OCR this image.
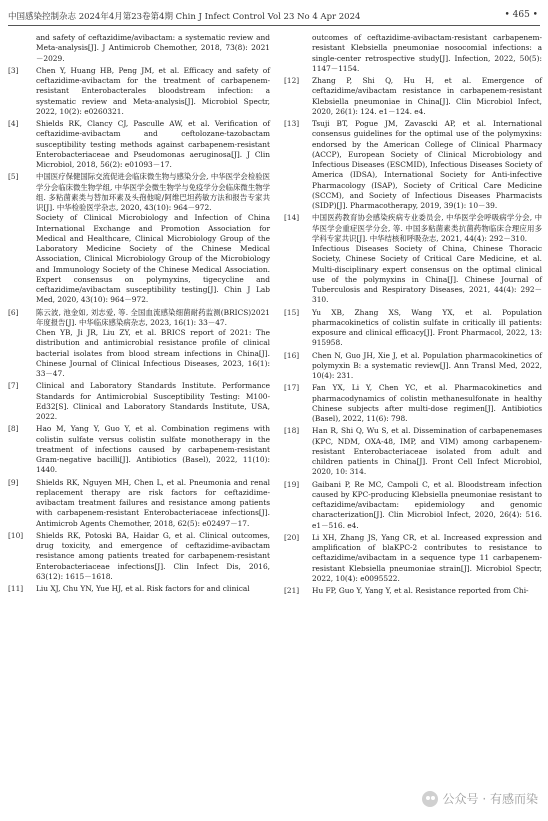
中国感染控制杂志 2024年4月第23卷第4期 Chin J Infect Control Vol 23 No 4 Apr 2024	• 465 •
and safety of ceftazidime/avibactam: a systematic review and Meta-analysis[J]. J Antimicrob Chemother, 2018, 73(8): 2021－2029.
[3]	Chen Y, Huang HB, Peng JM, et al. Efficacy and safety of ceftazidime-avibactam for the treatment of carbapenem-resistant Enterobacterales bloodstream infection: a systematic review and Meta-analysis[J]. Microbiol Spectr, 2022, 10(2): e0260321.
[4]	Shields RK, Clancy CJ, Pasculle AW, et al. Verification of ceftazidime-avibactam and ceftolozane-tazobactam susceptibility testing methods against carbapenem-resistant Enterobacteriaceae and Pseudomonas aeruginosa[J]. J Clin Microbiol, 2018, 56(2): e01093－17.
[5]	中国医疗保健国际交流促进会临床微生物与感染分会, 中华医学会检验医学分会临床微生物学组, 中华医学会微生物学与免疫学分会临床微生物学组. 多粘菌素类与替加环素及头孢他啶/阿维巴坦药敏方法和报告专家共识[J]. 中华检验医学杂志, 2020, 43(10): 964－972.
Society of Clinical Microbiology and Infection of China International Exchange and Promotion Association for Medical and Healthcare, Clinical Microbiology Group of the Laboratory Medicine Society of the Chinese Medical Association, Clinical Microbiology Group of the Microbiology and Immunology Society of the Chinese Medical Association. Expert consensus on polymyxins, tigecycline and ceftazidime/avibactam susceptibility testing[J]. Chin J Lab Med, 2020, 43(10): 964－972.
[6]	陈云波, 池金如, 刘志爱, 等. 全国血流感染细菌耐药监测(BRICS)2021年度报告[J]. 中华临床感染病杂志, 2023, 16(1): 33－47.
Chen YB, Ji JR, Liu ZY, et al. BRICS report of 2021: The distribution and antimicrobial resistance profile of clinical bacterial isolates from blood stream infections in China[J]. Chinese Journal of Clinical Infectious Diseases, 2023, 16(1): 33－47.
[7]	Clinical and Laboratory Standards Institute. Performance Standards for Antimicrobial Susceptibility Testing: M100-Ed32[S]. Clinical and Laboratory Standards Institute, USA, 2022.
[8]	Hao M, Yang Y, Guo Y, et al. Combination regimens with colistin sulfate versus colistin sulfate monotherapy in the treatment of infections caused by carbapenem-resistant Gram-negative bacilli[J]. Antibiotics (Basel), 2022, 11(10): 1440.
[9]	Shields RK, Nguyen MH, Chen L, et al. Pneumonia and renal replacement therapy are risk factors for ceftazidime-avibactam treatment failures and resistance among patients with carbapenem-resistant Enterobacteriaceae infections[J]. Antimicrob Agents Chemother, 2018, 62(5): e02497－17.
[10]	Shields RK, Potoski BA, Haidar G, et al. Clinical outcomes, drug toxicity, and emergence of ceftazidime-avibactam resistance among patients treated for carbapenem-resistant Enterobacteriaceae infections[J]. Clin Infect Dis, 2016, 63(12): 1615－1618.
[11]	Liu XJ, Chu YN, Yue HJ, et al. Risk factors for and clinical
outcomes of ceftazidime-avibactam-resistant carbapenem-resistant Klebsiella pneumoniae nosocomial infections: a single-center retrospective study[J]. Infection, 2022, 50(5): 1147－1154.
[12]	Zhang P, Shi Q, Hu H, et al. Emergence of ceftazidime/avibactam resistance in carbapenem-resistant Klebsiella pneumoniae in China[J]. Clin Microbiol Infect, 2020, 26(1): 124. e1－124. e4.
[13]	Tsuji BT, Pogue JM, Zavascki AP, et al. International consensus guidelines for the optimal use of the polymyxins: endorsed by the American College of Clinical Pharmacy (ACCP), European Society of Clinical Microbiology and Infectious Diseases (ESCMID), Infectious Diseases Society of America (IDSA), International Society for Anti-infective Pharmacology (ISAP), Society of Critical Care Medicine (SCCM), and Society of Infectious Diseases Pharmacists (SIDP)[J]. Pharmacotherapy, 2019, 39(1): 10－39.
[14]	中国医药教育协会感染疾病专业委员会, 中华医学会呼吸病学分会, 中华医学会重症医学分会, 等. 中国多粘菌素类抗菌药物临床合理应用多学科专家共识[J]. 中华结核和呼吸杂志, 2021, 44(4): 292－310.
Infectious Diseases Society of China, Chinese Thoracic Society, Chinese Society of Critical Care Medicine, et al. Multi-disciplinary expert consensus on the optimal clinical use of the polymyxins in China[J]. Chinese Journal of Tuberculosis and Respiratory Diseases, 2021, 44(4): 292－310.
[15]	Yu XB, Zhang XS, Wang YX, et al. Population pharmacokinetics of colistin sulfate in critically ill patients: exposure and clinical efficacy[J]. Front Pharmacol, 2022, 13: 915958.
[16]	Chen N, Guo JH, Xie J, et al. Population pharmacokinetics of polymyxin B: a systematic review[J]. Ann Transl Med, 2022, 10(4): 231.
[17]	Fan YX, Li Y, Chen YC, et al. Pharmacokinetics and pharmacodynamics of colistin methanesulfonate in healthy Chinese subjects after multi-dose regimen[J]. Antibiotics (Basel), 2022, 11(6): 798.
[18]	Han R, Shi Q, Wu S, et al. Dissemination of carbapenemases (KPC, NDM, OXA-48, IMP, and VIM) among carbapenem-resistant Enterobacteriaceae isolated from adult and children patients in China[J]. Front Cell Infect Microbiol, 2020, 10: 314.
[19]	Gaibani P, Re MC, Campoli C, et al. Bloodstream infection caused by KPC-producing Klebsiella pneumoniae resistant to ceftazidime/avibactam: epidemiology and genomic characterization[J]. Clin Microbiol Infect, 2020, 26(4): 516. e1－516. e4.
[20]	Li XH, Zhang JS, Yang CR, et al. Increased expression and amplification of blaKPC-2 contributes to resistance to ceftazidime/avibactam in a sequence type 11 carbapenem-resistant Klebsiella pneumoniae strain[J]. Microbiol Spectr, 2022, 10(4): e0095522.
[21]	Hu FP, Guo Y, Yang Y, et al. Resistance reported from Chi-
公众号 · 有感而染
